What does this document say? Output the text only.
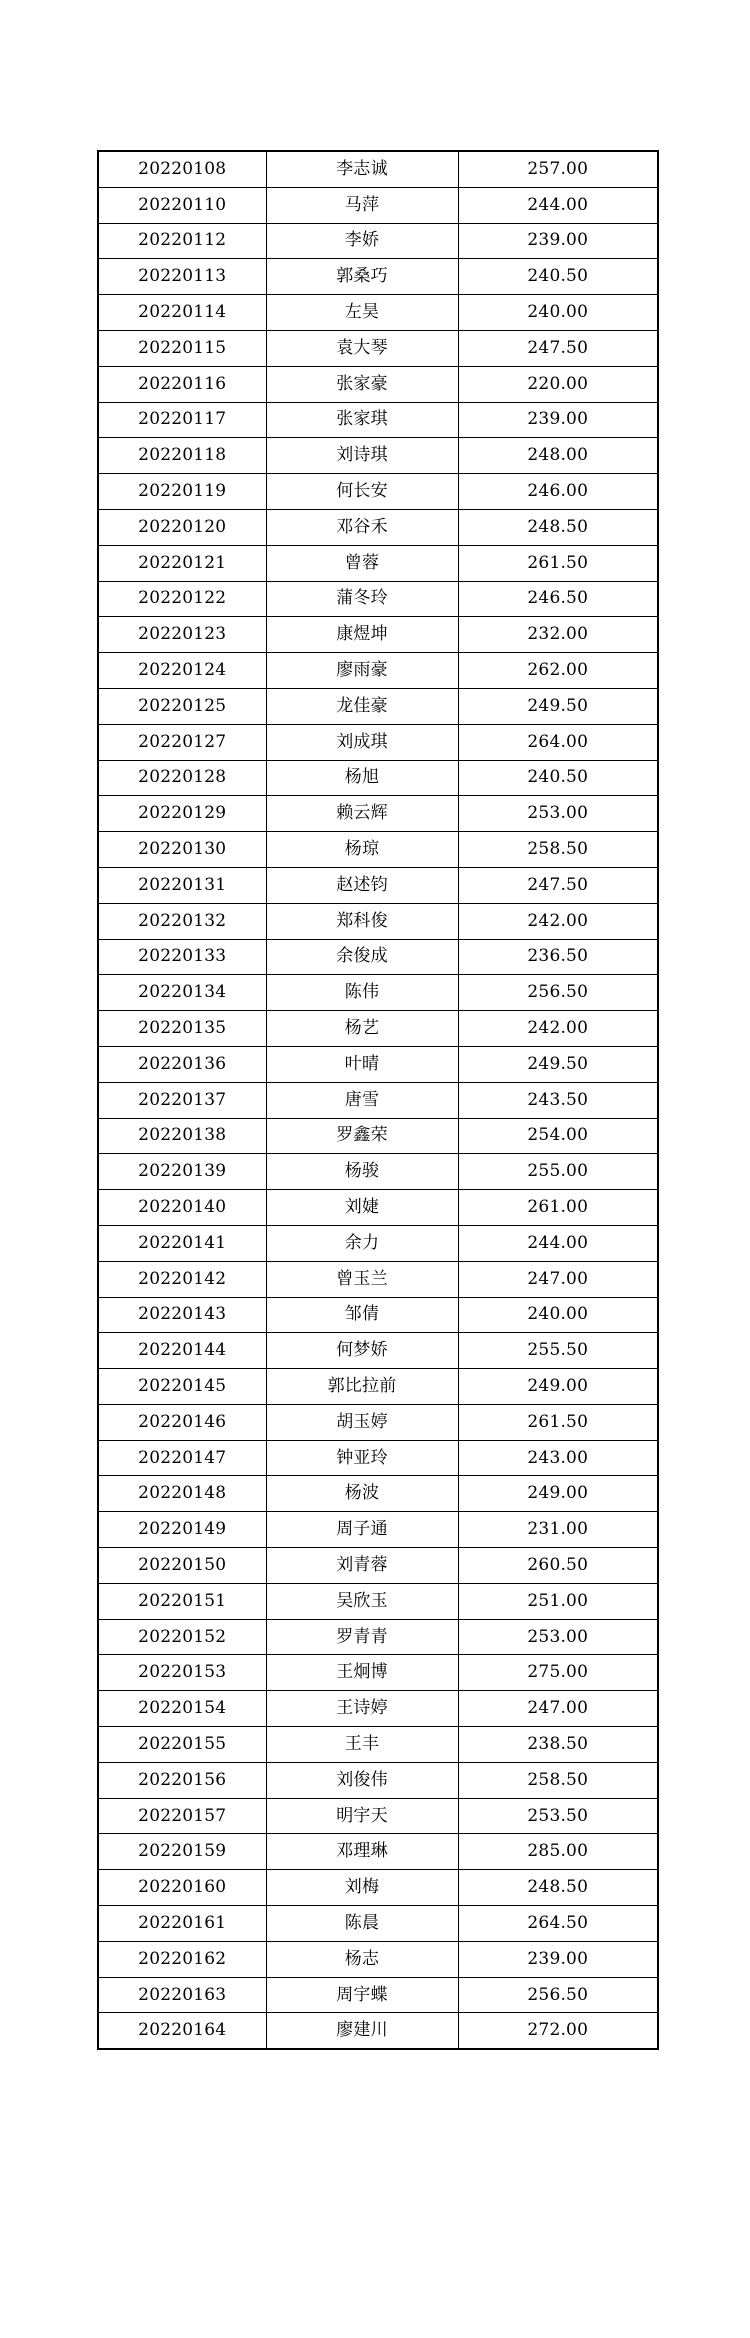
20220108	李志诚	257.00
20220110	马萍	244.00
20220112	李娇	239.00
20220113	郭桑巧	240.50
20220114	左昊	240.00
20220115	袁大琴	247.50
20220116	张家豪	220.00
20220117	张家琪	239.00
20220118	刘诗琪	248.00
20220119	何长安	246.00
20220120	邓谷禾	248.50
20220121	曾蓉	261.50
20220122	蒲冬玲	246.50
20220123	康煜坤	232.00
20220124	廖雨豪	262.00
20220125	龙佳豪	249.50
20220127	刘成琪	264.00
20220128	杨旭	240.50
20220129	赖云辉	253.00
20220130	杨琼	258.50
20220131	赵述钧	247.50
20220132	郑科俊	242.00
20220133	余俊成	236.50
20220134	陈伟	256.50
20220135	杨艺	242.00
20220136	叶晴	249.50
20220137	唐雪	243.50
20220138	罗鑫荣	254.00
20220139	杨骏	255.00
20220140	刘婕	261.00
20220141	余力	244.00
20220142	曾玉兰	247.00
20220143	邹倩	240.00
20220144	何梦娇	255.50
20220145	郭比拉前	249.00
20220146	胡玉婷	261.50
20220147	钟亚玲	243.00
20220148	杨波	249.00
20220149	周子通	231.00
20220150	刘青蓉	260.50
20220151	吴欣玉	251.00
20220152	罗青青	253.00
20220153	王炯博	275.00
20220154	王诗婷	247.00
20220155	王丰	238.50
20220156	刘俊伟	258.50
20220157	明宇天	253.50
20220159	邓理琳	285.00
20220160	刘梅	248.50
20220161	陈晨	264.50
20220162	杨志	239.00
20220163	周宇蝶	256.50
20220164	廖建川	272.00
